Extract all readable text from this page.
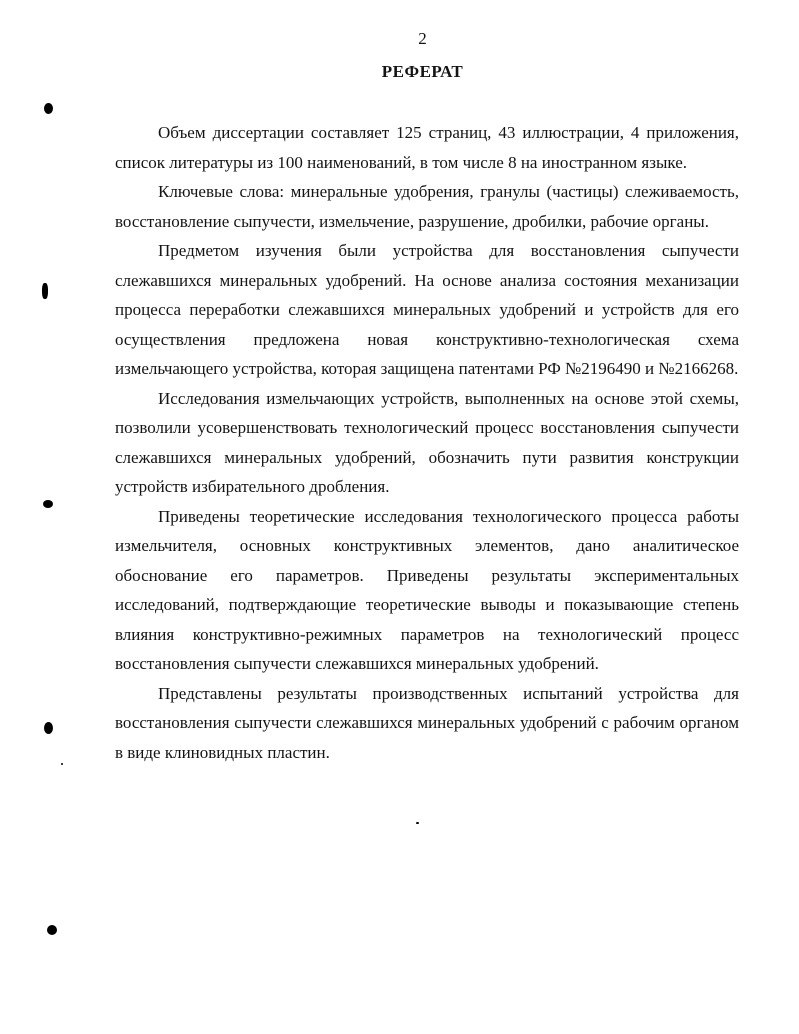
2
РЕФЕРАТ

Объем диссертации составляет 125 страниц, 43 иллюстрации, 4 приложения, список литературы из 100 наименований, в том числе 8 на иностранном языке.

Ключевые слова: минеральные удобрения, гранулы (частицы) слеживаемость, восстановление сыпучести, измельчение, разрушение, дробилки, рабочие органы.

Предметом изучения были устройства для восстановления сыпучести слежавшихся минеральных удобрений. На основе анализа состояния механизации процесса переработки слежавшихся минеральных удобрений и устройств для его осуществления предложена новая конструктивно-технологическая схема измельчающего устройства, которая защищена патентами РФ №2196490 и №2166268.

Исследования измельчающих устройств, выполненных на основе этой схемы, позволили усовершенствовать технологический процесс восстановления сыпучести слежавшихся минеральных удобрений, обозначить пути развития конструкции устройств избирательного дробления.

Приведены теоретические исследования технологического процесса работы измельчителя, основных конструктивных элементов, дано аналитическое обоснование его параметров. Приведены результаты экспериментальных исследований, подтверждающие теоретические выводы и показывающие степень влияния конструктивно-режимных параметров на технологический процесс восстановления сыпучести слежавшихся минеральных удобрений.

Представлены результаты производственных испытаний устройства для восстановления сыпучести слежавшихся минеральных удобрений с рабочим органом в виде клиновидных пластин.
